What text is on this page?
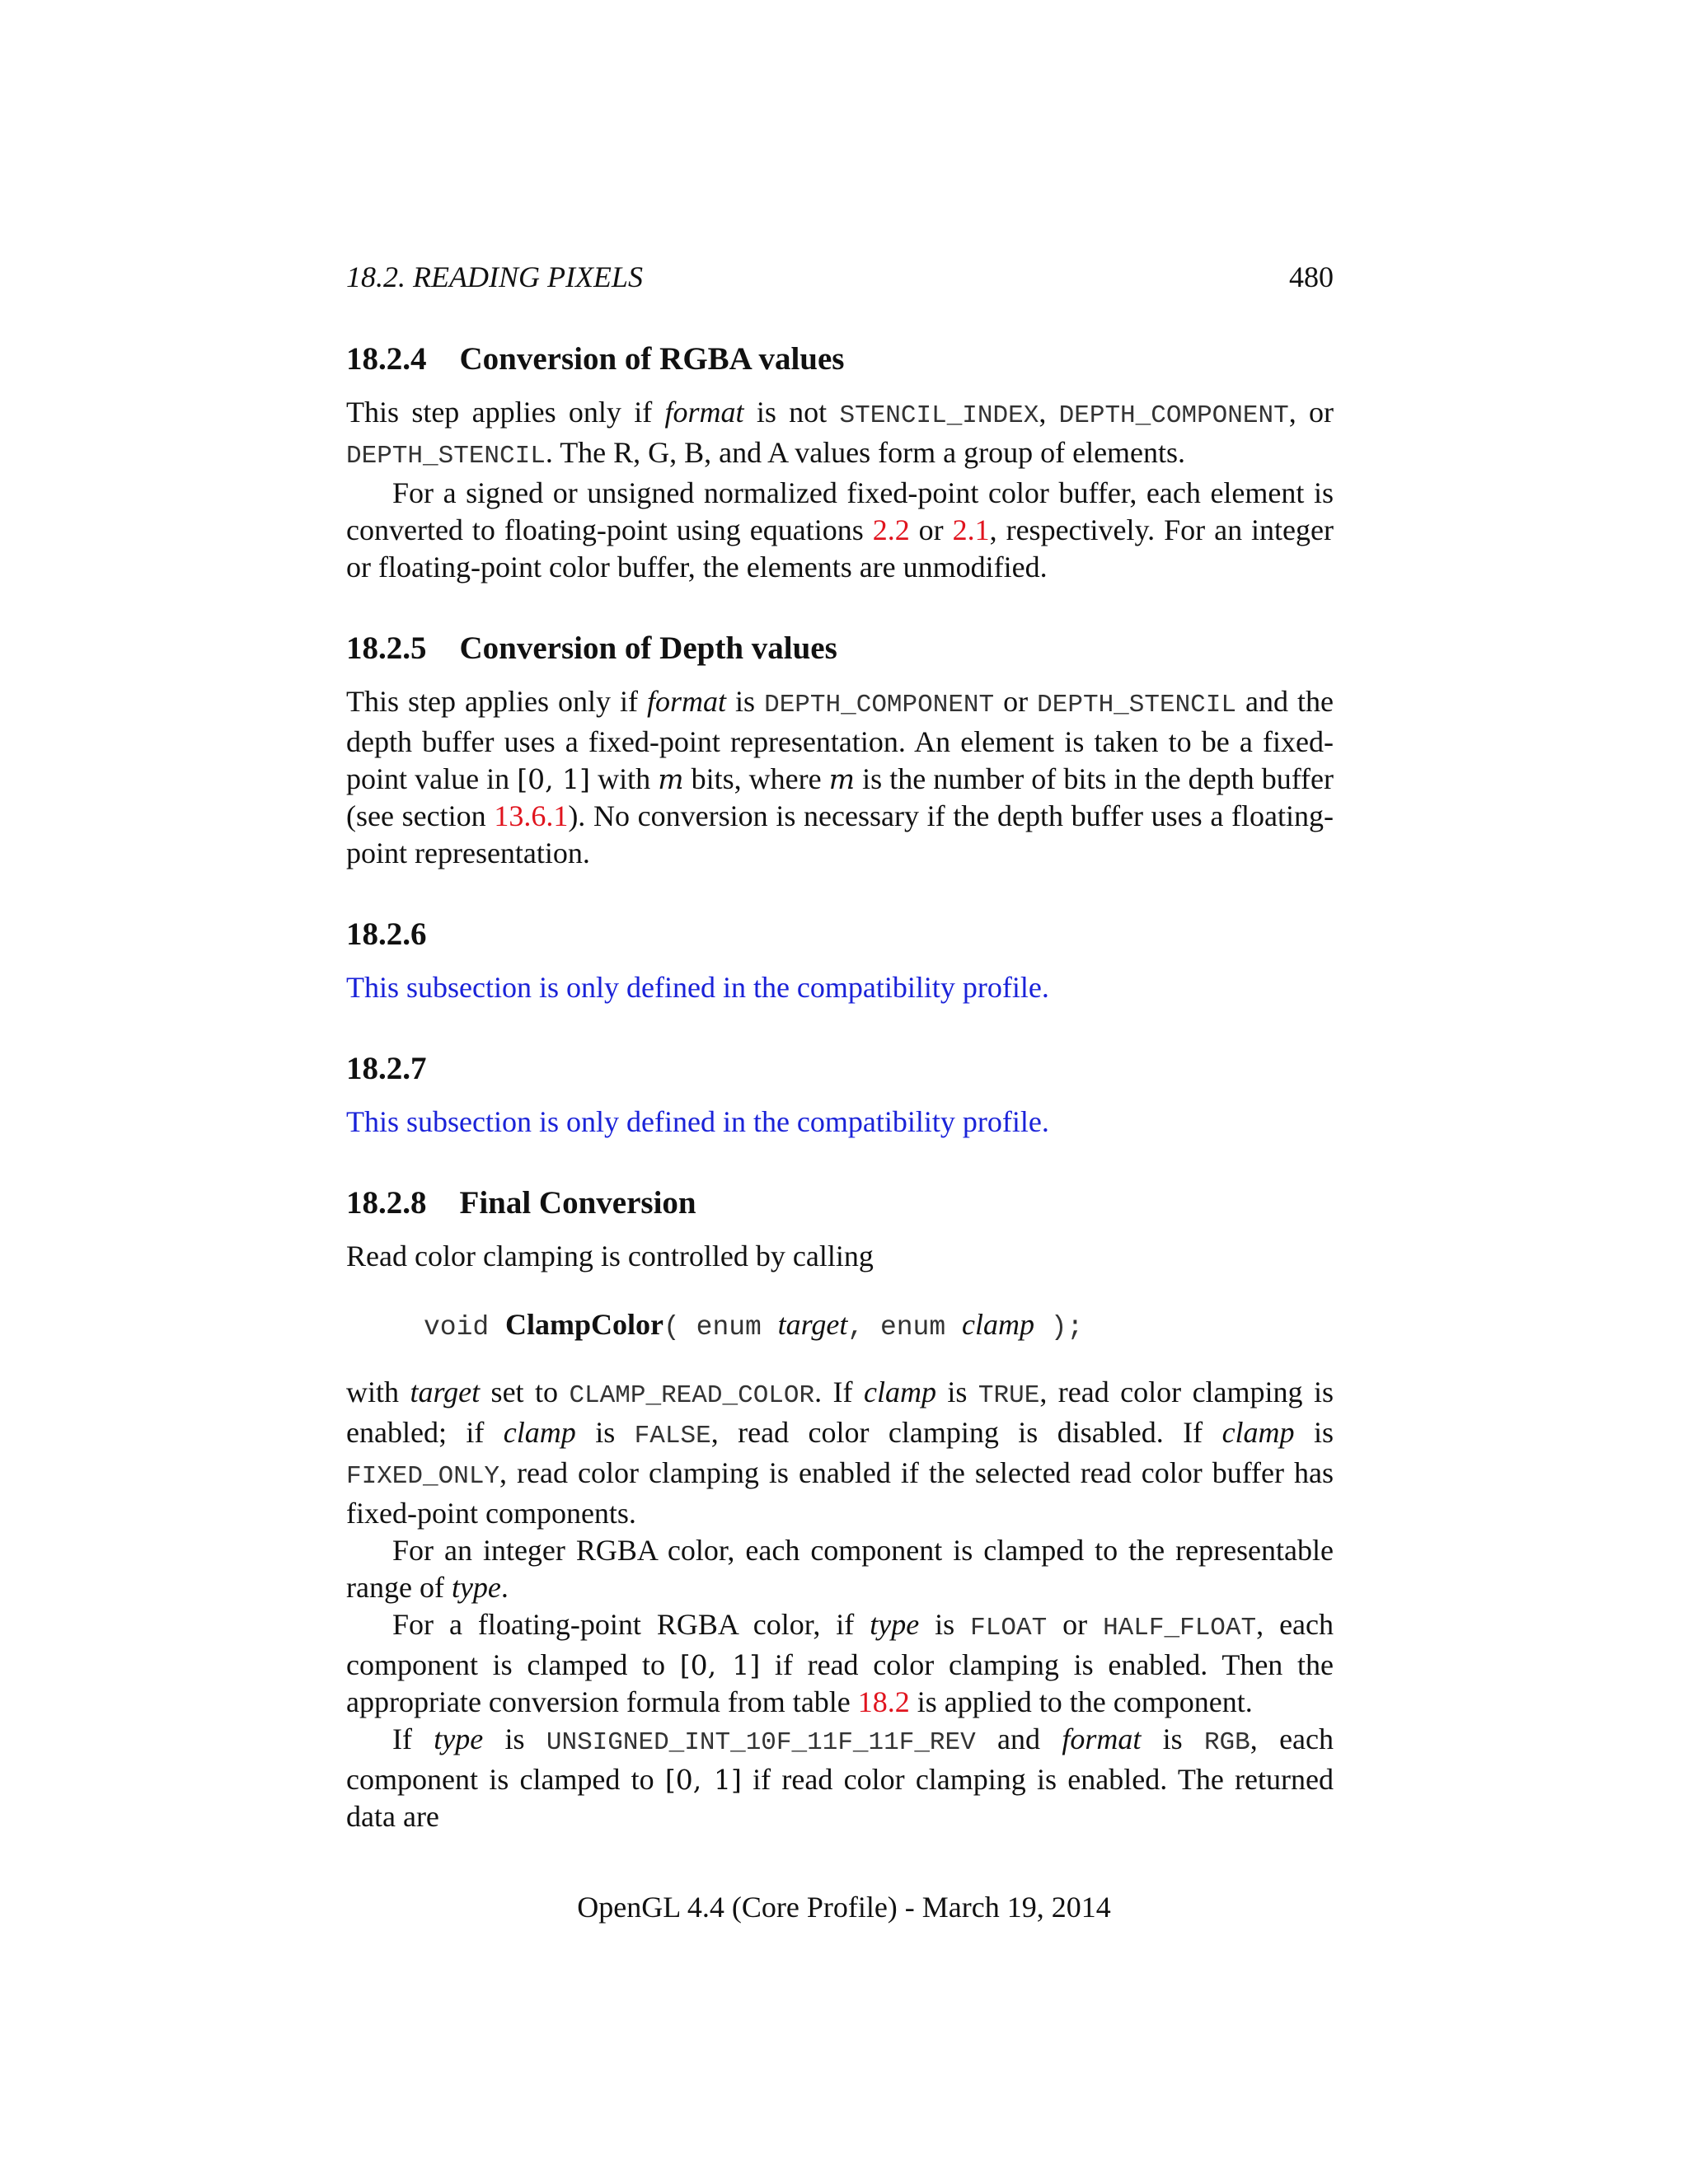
18.2. READING PIXELS	480
18.2.4 Conversion of RGBA values

This step applies only if format is not STENCIL_INDEX, DEPTH_COMPONENT, or DEPTH_STENCIL. The R, G, B, and A values form a group of elements.

For a signed or unsigned normalized fixed-point color buffer, each element is converted to floating-point using equations 2.2 or 2.1, respectively. For an integer or floating-point color buffer, the elements are unmodified.

18.2.5 Conversion of Depth values

This step applies only if format is DEPTH_COMPONENT or DEPTH_STENCIL and the depth buffer uses a fixed-point representation. An element is taken to be a fixed-point value in [0, 1] with m bits, where m is the number of bits in the depth buffer (see section 13.6.1). No conversion is necessary if the depth buffer uses a floating-point representation.

18.2.6

This subsection is only defined in the compatibility profile.

18.2.7

This subsection is only defined in the compatibility profile.

18.2.8 Final Conversion

Read color clamping is controlled by calling

void ClampColor( enum target, enum clamp );

with target set to CLAMP_READ_COLOR. If clamp is TRUE, read color clamping is enabled; if clamp is FALSE, read color clamping is disabled. If clamp is FIXED_ONLY, read color clamping is enabled if the selected read color buffer has fixed-point components.

For an integer RGBA color, each component is clamped to the representable range of type.

For a floating-point RGBA color, if type is FLOAT or HALF_FLOAT, each component is clamped to [0, 1] if read color clamping is enabled. Then the appropriate conversion formula from table 18.2 is applied to the component.

If type is UNSIGNED_INT_10F_11F_11F_REV and format is RGB, each component is clamped to [0, 1] if read color clamping is enabled. The returned data are

OpenGL 4.4 (Core Profile) - March 19, 2014
